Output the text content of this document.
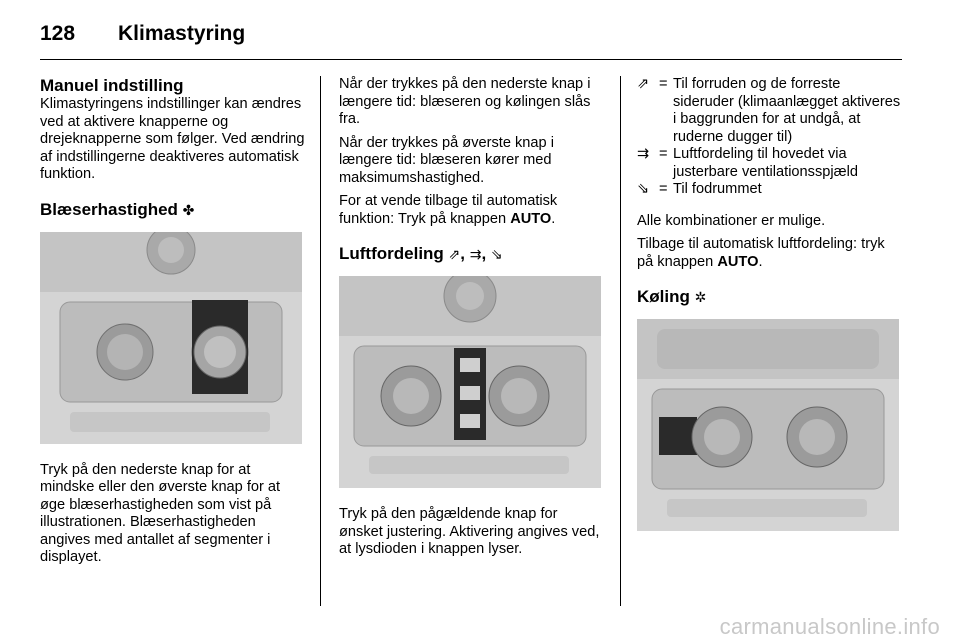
128 Klimastyring
Manuel indstilling

Klimastyringens indstillinger kan ændres ved at aktivere knapperne og drejeknapperne som følger. Ved ændring af indstillingerne deaktiveres automatisk funktion.

Blæserhastighed ✤

Tryk på den nederste knap for at mindske eller den øverste knap for at øge blæserhastigheden som vist på illustrationen. Blæserhastigheden angives med antallet af segmenter i displayet.

Når der trykkes på den nederste knap i længere tid: blæseren og kølingen slås fra.

Når der trykkes på øverste knap i længere tid: blæseren kører med maksimumshastighed.

For at vende tilbage til automatisk funktion: Tryk på knappen AUTO.

Luftfordeling ⇗, ⇉, ⇘

Tryk på den pågældende knap for ønsket justering. Aktivering angives ved, at lysdioden i knappen lyser.

⇗ = Til forruden og de forreste sideruder (klimaanlægget aktiveres i baggrunden for at undgå, at ruderne dugger til)
⇉ = Luftfordeling til hovedet via justerbare ventilationsspjæld
⇘ = Til fodrummet

Alle kombinationer er mulige.

Tilbage til automatisk luftfordeling: tryk på knappen AUTO.

Køling ✲
carmanualsonline.info
